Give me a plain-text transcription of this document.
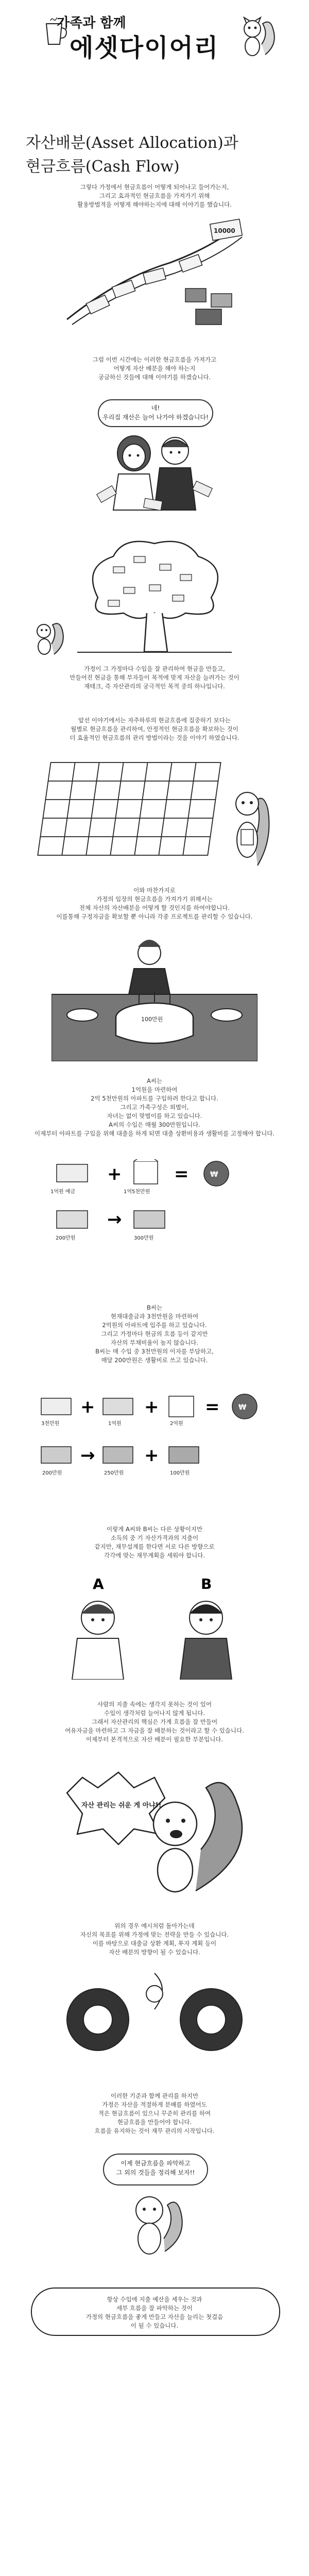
가족과 함께
에셋다이어리
자산배분(Asset Allocation)과
현금흐름(Cash Flow)
10000
그렇다 가정에서 현금흐름이 어떻게 되어나고 들어가는지,
그리고 효과적인 현금흐름을 가져가기 위해
활용방법적을 어떻게 해야하는지에 대해 이야기를 했습니다.
그럼 이번 시간에는 이러한 현금흐름을 가져가고
어떻게 자산 배분을 해야 하는지
궁금하신 것들에 대해 이야기를 하겠습니다.
네!
우리집 재산은 늘어 나가야 하겠습니다!
가정이 그 가정마다 수입을 잘 관리하여 현금을 만들고,
만들어진 현금을 통해 부자들이 목적에 맞게 자산을 늘려가는 것이
재테크, 즉 자산관리의 궁극적인 목적 중의 하나입니다.
앞선 이야기에서는 자주하루의 현금흐름에 집중하기 보다는
월별로 현금흐름을 관리하여, 안정적인 현금흐름을 확보하는 것이
더 효율적인 현금흐름의 관리 방법이라는 것을 이야기 하였습니다.
이와 마찬가지로
가정의 입장의 현금흐름을 가져가기 위해서는
전체 자산의 자산배분을 어떻게 할 것인지를 하여야합니다.
이를통해 구정자금을 확보할 뿐 아니라 각종 프로젝트를 관리할 수 있습니다.
100만원
A씨는
1억원을 마련하여
2억 5천만원의 아파트를 구입하려 한다고 합니다.
그리고 가족구성은 외벌이,
자녀는 없이 맞벌이를 하고 있습니다.
A씨의 수입은 매월 300만원입니다.
이제부터 아파트를 구입을 위해 대출을 하게 되면 대출 상환비용과 생활비를 고정해야 합니다.
1억원 예금
+
1억5천만원
=	₩
200만원
→
300만원
B씨는
현재대출금과 3천만원을 마련하여
2억원의 아파트에 입주를 하고 있습니다.
그리고 가정마다 현금의 흐름 등이 같지만
자산의 부채비율이 높지 않습니다.
B씨는 매 수입 중 3천만원의 이자를 부담하고,
매달 200만원은 생활비로 쓰고 있습니다.
3천만원
+
1억원
+
2억원
=	₩
200만원
→
250만원
+
100만원
이렇게 A씨와 B씨는 다른 상황이지만
소득의 중 기 자산가격과의 지출이
같지만, 재무설계를 한다면 서로 다른 방향으로
각각에 맞는 재무계획을 세워야 합니다.
A	B
사람의 지출 속에는 생각지 못하는 것이 있어
수입이 생각처럼 늘어나지 않게 됩니다.
그래서 자산관리의 핵심은 가계 흐름을 잘 만들어
여유자금을 마련하고 그 자금을 잘 배분하는 것이라고 할 수 있습니다.
이제부터 본격적으로 자산 배분이 필요한 부분입니다.
자산 관리는 쉬운 게 아냐!!
위의 경우 예시처럼 돌아가는데
자신의 목표를 위해 가정에 맞는 전략을 만들 수 있습니다.
이를 바탕으로 대출금 상환 계획, 투자 계획 등이
자산 배분의 방향이 될 수 있습니다.
이러한 기준과 함께 관리를 하지만
가정은 자산을 적절하게 분배를 하였어도
적은 현금흐름이 있으니 꾸준히 관리를 하여
현금흐름을 만들어야 합니다.
흐름을 유지하는 것이 재무 관리의 시작입니다.
이제 현금흐름을 파악하고
그 외의 것들을 정리해 보자!!
항상 수입에 지출 예산을 세우는 것과
세부 흐름을 잘 파악하는 것이
가정의 현금흐름을 좋게 만들고 자산을 늘리는 첫걸음
이 될 수 있습니다.
